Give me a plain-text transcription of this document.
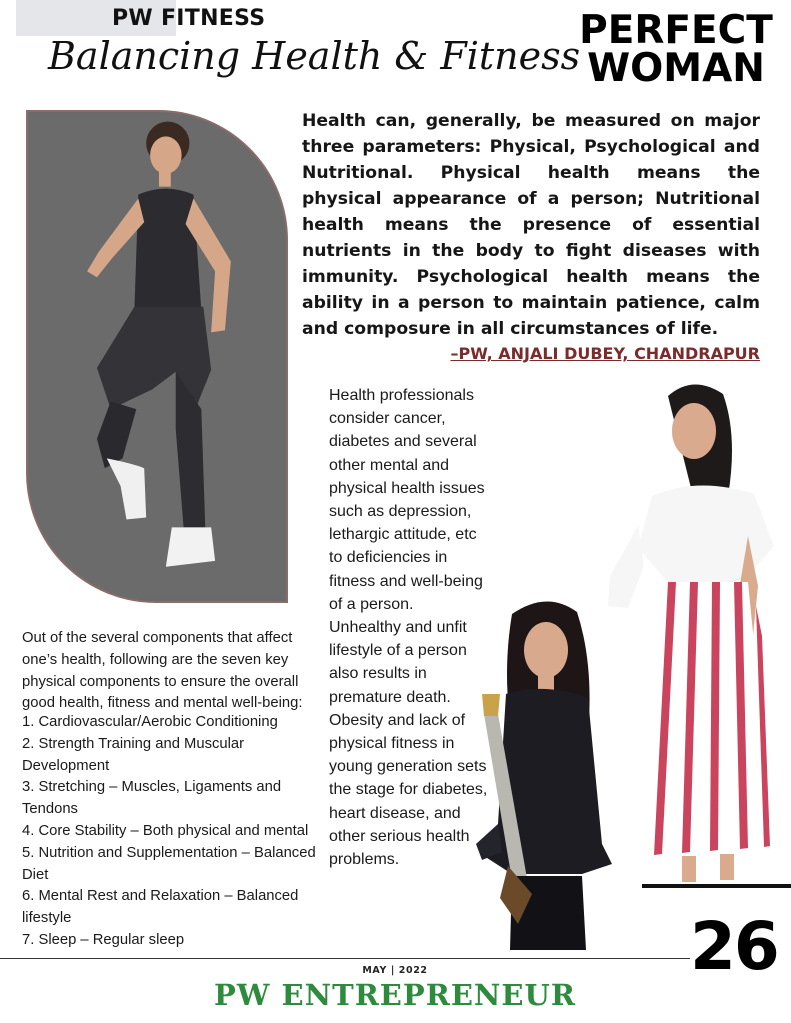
PW FITNESS
Balancing Health & Fitness
PERFECT
WOMAN
Health can, generally, be measured on major three parameters: Physical, Psychological and Nutritional. Physical health means the physical appearance of a person; Nutritional health means the presence of essential nutrients in the body to fight diseases with immunity. Psychological health means the ability in a person to maintain patience, calm and composure in all circumstances of life.
–PW, ANJALI DUBEY, CHANDRAPUR
Health professionals consider cancer, diabetes and several other mental and physical health issues such as depression, lethargic attitude, etc to deficiencies in fitness and well-being of a person. Unhealthy and unfit lifestyle of a person also results in premature death. Obesity and lack of physical fitness in young generation sets the stage for diabetes, heart disease, and other serious health problems.
Out of the several components that affect one’s health, following are the seven key physical components to ensure the overall good health, fitness and mental well-being:
1. Cardiovascular/Aerobic Conditioning
2. Strength Training and Muscular Development
3. Stretching – Muscles, Ligaments and Tendons
4. Core Stability – Both physical and mental
5. Nutrition and Supplementation – Balanced Diet
6. Mental Rest and Relaxation – Balanced lifestyle
7. Sleep – Regular sleep	26
MAY | 2022
PW ENTREPRENEUR
